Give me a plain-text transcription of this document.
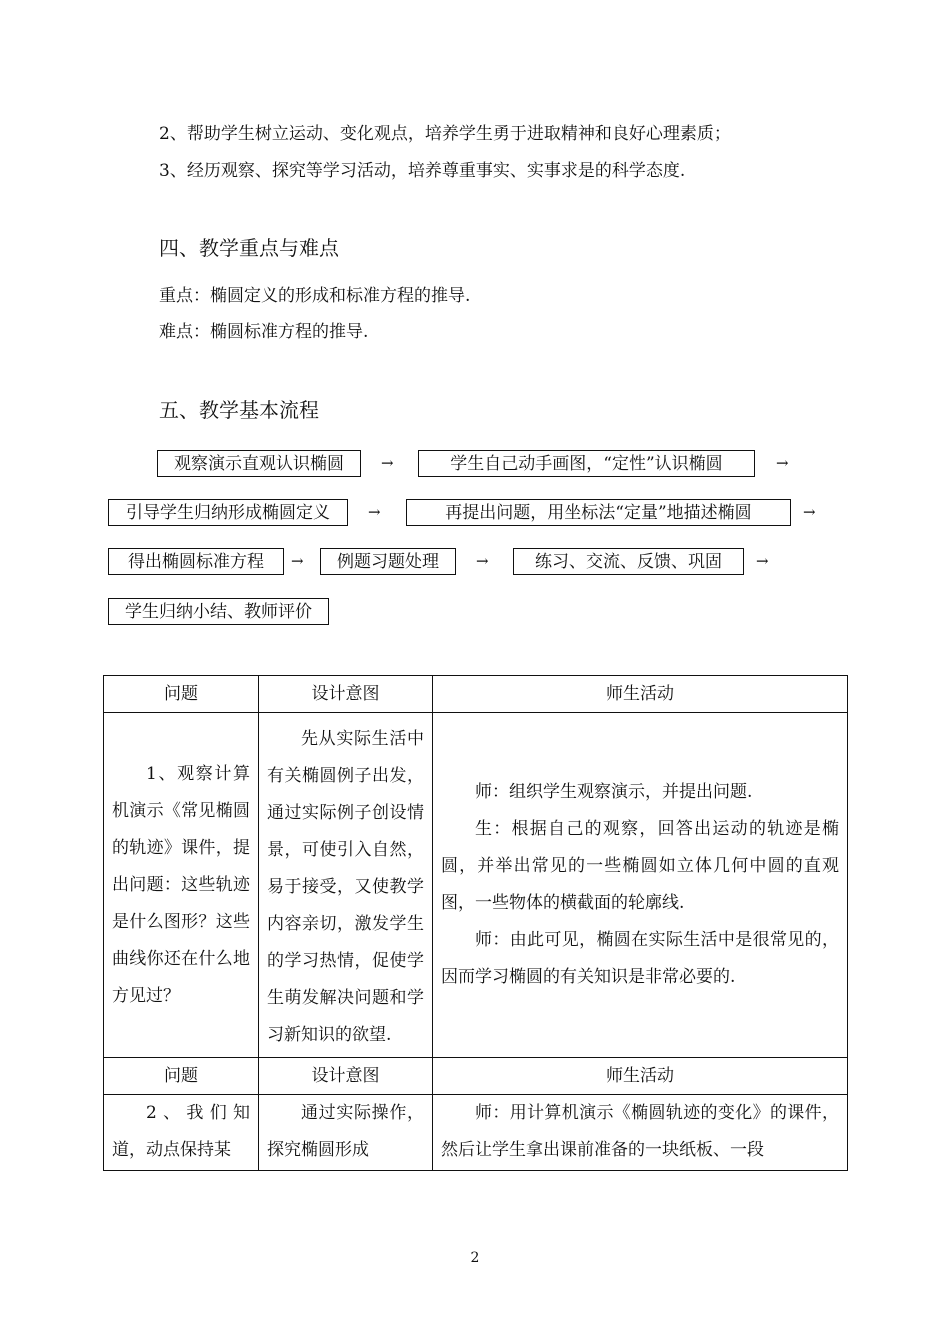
2、帮助学生树立运动、变化观点，培养学生勇于进取精神和良好心理素质；
3、经历观察、探究等学习活动，培养尊重事实、实事求是的科学态度.
四、教学重点与难点
重点：椭圆定义的形成和标准方程的推导.
难点：椭圆标准方程的推导.
五、教学基本流程
观察演示直观认识椭圆	→	学生自己动手画图，“定性”认识椭圆	→
引导学生归纳形成椭圆定义	→	再提出问题，用坐标法“定量”地描述椭圆	→
得出椭圆标准方程	→	例题习题处理	→	练习、交流、反馈、巩固	→
学生归纳小结、教师评价
问题	设计意图	师生活动

1、观察计算机演示《常见椭圆的轨迹》课件，提出问题：这些轨迹是什么图形？这些曲线你还在什么地方见过？	先从实际生活中有关椭圆例子出发，通过实际例子创设情景，可使引入自然，易于接受，又使教学内容亲切，激发学生的学习热情，促使学生萌发解决问题和学习新知识的欲望.	师：组织学生观察演示，并提出问题.
生：根据自己的观察，回答出运动的轨迹是椭圆，并举出常见的一些椭圆如立体几何中圆的直观图，一些物体的横截面的轮廓线.
师：由此可见，椭圆在实际生活中是很常见的，因而学习椭圆的有关知识是非常必要的.

问题	设计意图	师生活动

2、我们知道，动点保持某	通过实际操作，探究椭圆形成	师：用计算机演示《椭圆轨迹的变化》的课件，然后让学生拿出课前准备的一块纸板、一段
2
